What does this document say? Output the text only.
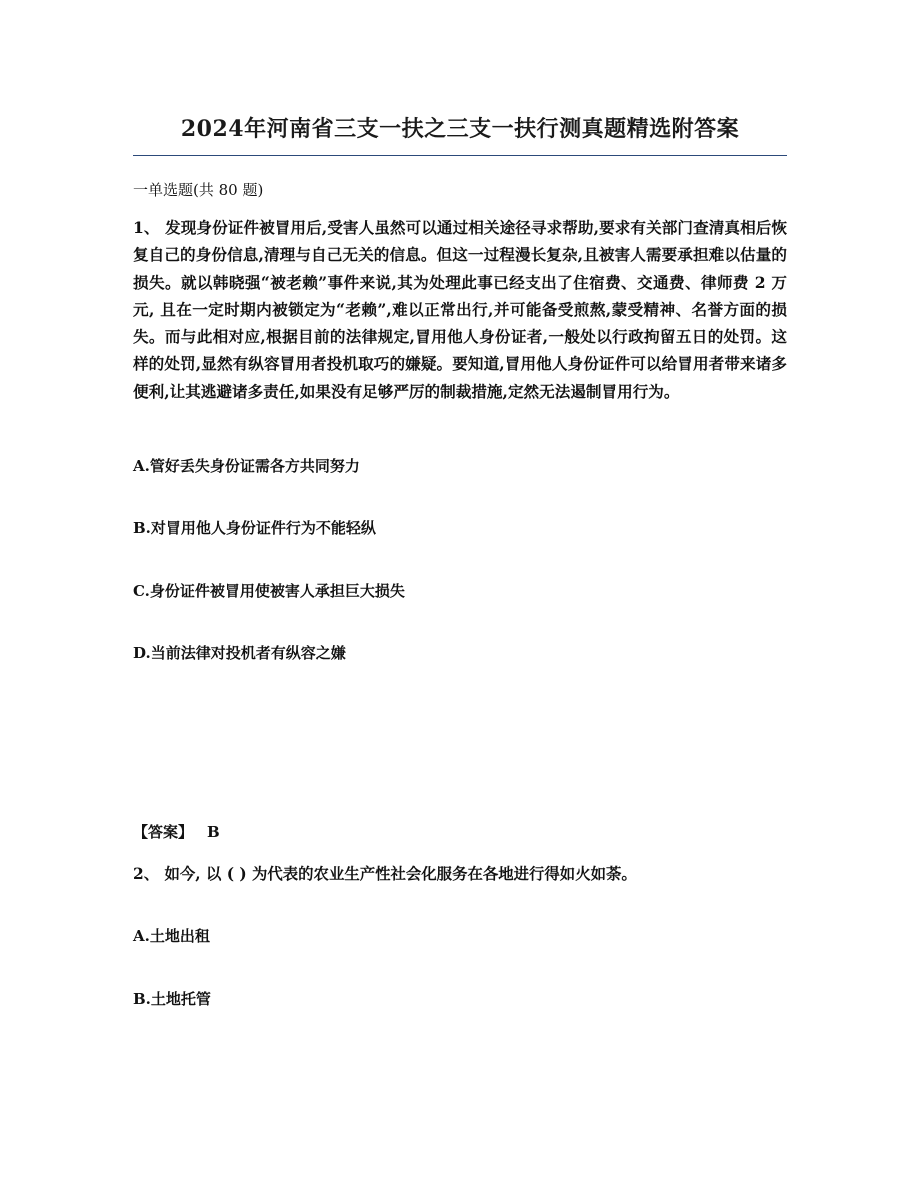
2024年河南省三支一扶之三支一扶行测真题精选附答案
一单选题(共 80 题)
1、 发现身份证件被冒用后,受害人虽然可以通过相关途径寻求帮助,要求有关部门查清真相后恢复自己的身份信息,清理与自己无关的信息。但这一过程漫长复杂,且被害人需要承担难以估量的损失。就以韩晓强“被老赖”事件来说,其为处理此事已经支出了住宿费、交通费、律师费 2 万元, 且在一定时期内被锁定为“老赖”,难以正常出行,并可能备受煎熬,蒙受精神、名誉方面的损失。而与此相对应,根据目前的法律规定,冒用他人身份证者,一般处以行政拘留五日的处罚。这样的处罚,显然有纵容冒用者投机取巧的嫌疑。要知道,冒用他人身份证件可以给冒用者带来诸多便利,让其逃避诸多责任,如果没有足够严厉的制裁措施,定然无法遏制冒用行为。
A.管好丢失身份证需各方共同努力
B.对冒用他人身份证件行为不能轻纵
C.身份证件被冒用使被害人承担巨大损失
D.当前法律对投机者有纵容之嫌
【答案】 B
2、 如今, 以 ( ) 为代表的农业生产性社会化服务在各地进行得如火如荼。
A.土地出租
B.土地托管
